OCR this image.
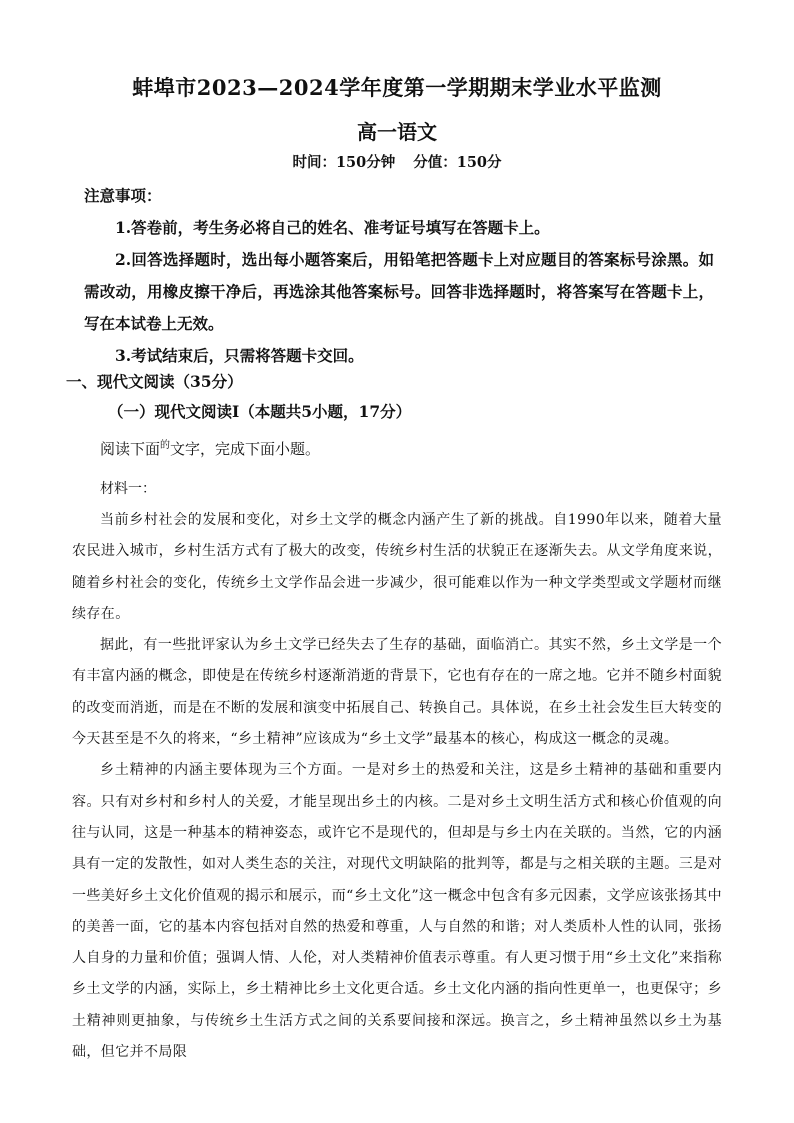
蚌埠市2023—2024学年度第一学期期末学业水平监测
高一语文
时间：150分钟 分值：150分

注意事项：

1.答卷前，考生务必将自己的姓名、准考证号填写在答题卡上。

2.回答选择题时，选出每小题答案后，用铅笔把答题卡上对应题目的答案标号涂黑。如需改动，用橡皮擦干净后，再选涂其他答案标号。回答非选择题时，将答案写在答题卡上，写在本试卷上无效。

3.考试结束后，只需将答题卡交回。

一、现代文阅读（35分）
（一）现代文阅读Ⅰ（本题共5小题，17分）
阅读下面$^的$文字，完成下面小题。
材料一：

当前乡村社会的发展和变化，对乡土文学的概念内涵产生了新的挑战。自1990年以来，随着大量农民进入城市，乡村生活方式有了极大的改变，传统乡村生活的状貌正在逐渐失去。从文学角度来说，随着乡村社会的变化，传统乡土文学作品会进一步减少，很可能难以作为一种文学类型或文学题材而继续存在。

据此，有一些批评家认为乡土文学已经失去了生存的基础，面临消亡。其实不然，乡土文学是一个有丰富内涵的概念，即使是在传统乡村逐渐消逝的背景下，它也有存在的一席之地。它并不随乡村面貌的改变而消逝，而是在不断的发展和演变中拓展自己、转换自己。具体说，在乡土社会发生巨大转变的今天甚至是不久的将来，“乡土精神”应该成为“乡土文学”最基本的核心，构成这一概念的灵魂。

乡土精神的内涵主要体现为三个方面。一是对乡土的热爱和关注，这是乡土精神的基础和重要内容。只有对乡村和乡村人的关爱，才能呈现出乡土的内核。二是对乡土文明生活方式和核心价值观的向往与认同，这是一种基本的精神姿态，或许它不是现代的，但却是与乡土内在关联的。当然，它的内涵具有一定的发散性，如对人类生态的关注，对现代文明缺陷的批判等，都是与之相关联的主题。三是对一些美好乡土文化价值观的揭示和展示，而“乡土文化”这一概念中包含有多元因素，文学应该张扬其中的美善一面，它的基本内容包括对自然的热爱和尊重，人与自然的和谐；对人类质朴人性的认同，张扬人自身的力量和价值；强调人情、人伦，对人类精神价值表示尊重。有人更习惯于用“乡土文化”来指称乡土文学的内涵，实际上，乡土精神比乡土文化更合适。乡土文化内涵的指向性更单一，也更保守；乡土精神则更抽象，与传统乡土生活方式之间的关系要间接和深远。换言之，乡土精神虽然以乡土为基础，但它并不局限
